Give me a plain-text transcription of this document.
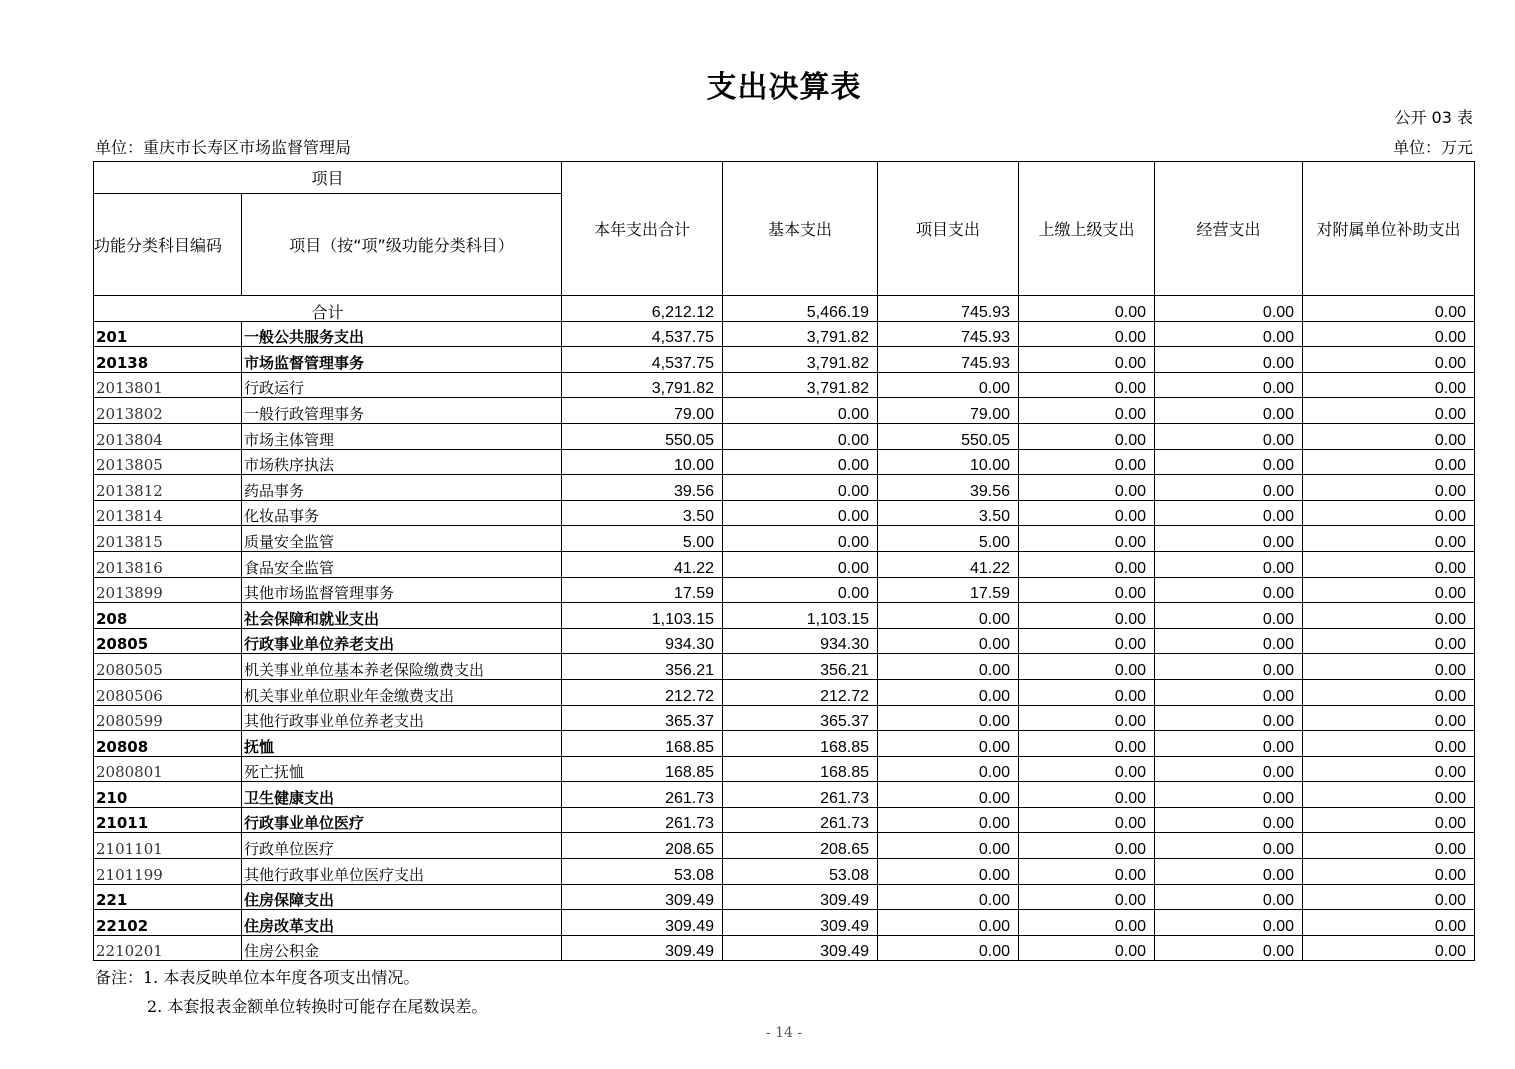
支出决算表
公开 03 表
单位：重庆市长寿区市场监督管理局	单位：万元
项目		本年支出合计	基本支出	项目支出	上缴上级支出	经营支出	对附属单位补助支出
功能分类科目编码	项目（按“项”级功能分类科目）						
合计		6,212.12	5,466.19	745.93	0.00	0.00	0.00
201	一般公共服务支出	4,537.75	3,791.82	745.93	0.00	0.00	0.00
20138	市场监督管理事务	4,537.75	3,791.82	745.93	0.00	0.00	0.00
2013801	行政运行	3,791.82	3,791.82	0.00	0.00	0.00	0.00
2013802	一般行政管理事务	79.00	0.00	79.00	0.00	0.00	0.00
2013804	市场主体管理	550.05	0.00	550.05	0.00	0.00	0.00
2013805	市场秩序执法	10.00	0.00	10.00	0.00	0.00	0.00
2013812	药品事务	39.56	0.00	39.56	0.00	0.00	0.00
2013814	化妆品事务	3.50	0.00	3.50	0.00	0.00	0.00
2013815	质量安全监管	5.00	0.00	5.00	0.00	0.00	0.00
2013816	食品安全监管	41.22	0.00	41.22	0.00	0.00	0.00
2013899	其他市场监督管理事务	17.59	0.00	17.59	0.00	0.00	0.00
208	社会保障和就业支出	1,103.15	1,103.15	0.00	0.00	0.00	0.00
20805	行政事业单位养老支出	934.30	934.30	0.00	0.00	0.00	0.00
2080505	机关事业单位基本养老保险缴费支出	356.21	356.21	0.00	0.00	0.00	0.00
2080506	机关事业单位职业年金缴费支出	212.72	212.72	0.00	0.00	0.00	0.00
2080599	其他行政事业单位养老支出	365.37	365.37	0.00	0.00	0.00	0.00
20808	抚恤	168.85	168.85	0.00	0.00	0.00	0.00
2080801	死亡抚恤	168.85	168.85	0.00	0.00	0.00	0.00
210	卫生健康支出	261.73	261.73	0.00	0.00	0.00	0.00
21011	行政事业单位医疗	261.73	261.73	0.00	0.00	0.00	0.00
2101101	行政单位医疗	208.65	208.65	0.00	0.00	0.00	0.00
2101199	其他行政事业单位医疗支出	53.08	53.08	0.00	0.00	0.00	0.00
221	住房保障支出	309.49	309.49	0.00	0.00	0.00	0.00
22102	住房改革支出	309.49	309.49	0.00	0.00	0.00	0.00
2210201	住房公积金	309.49	309.49	0.00	0.00	0.00	0.00
备注：1. 本表反映单位本年度各项支出情况。
2. 本套报表金额单位转换时可能存在尾数误差。
- 14 -
